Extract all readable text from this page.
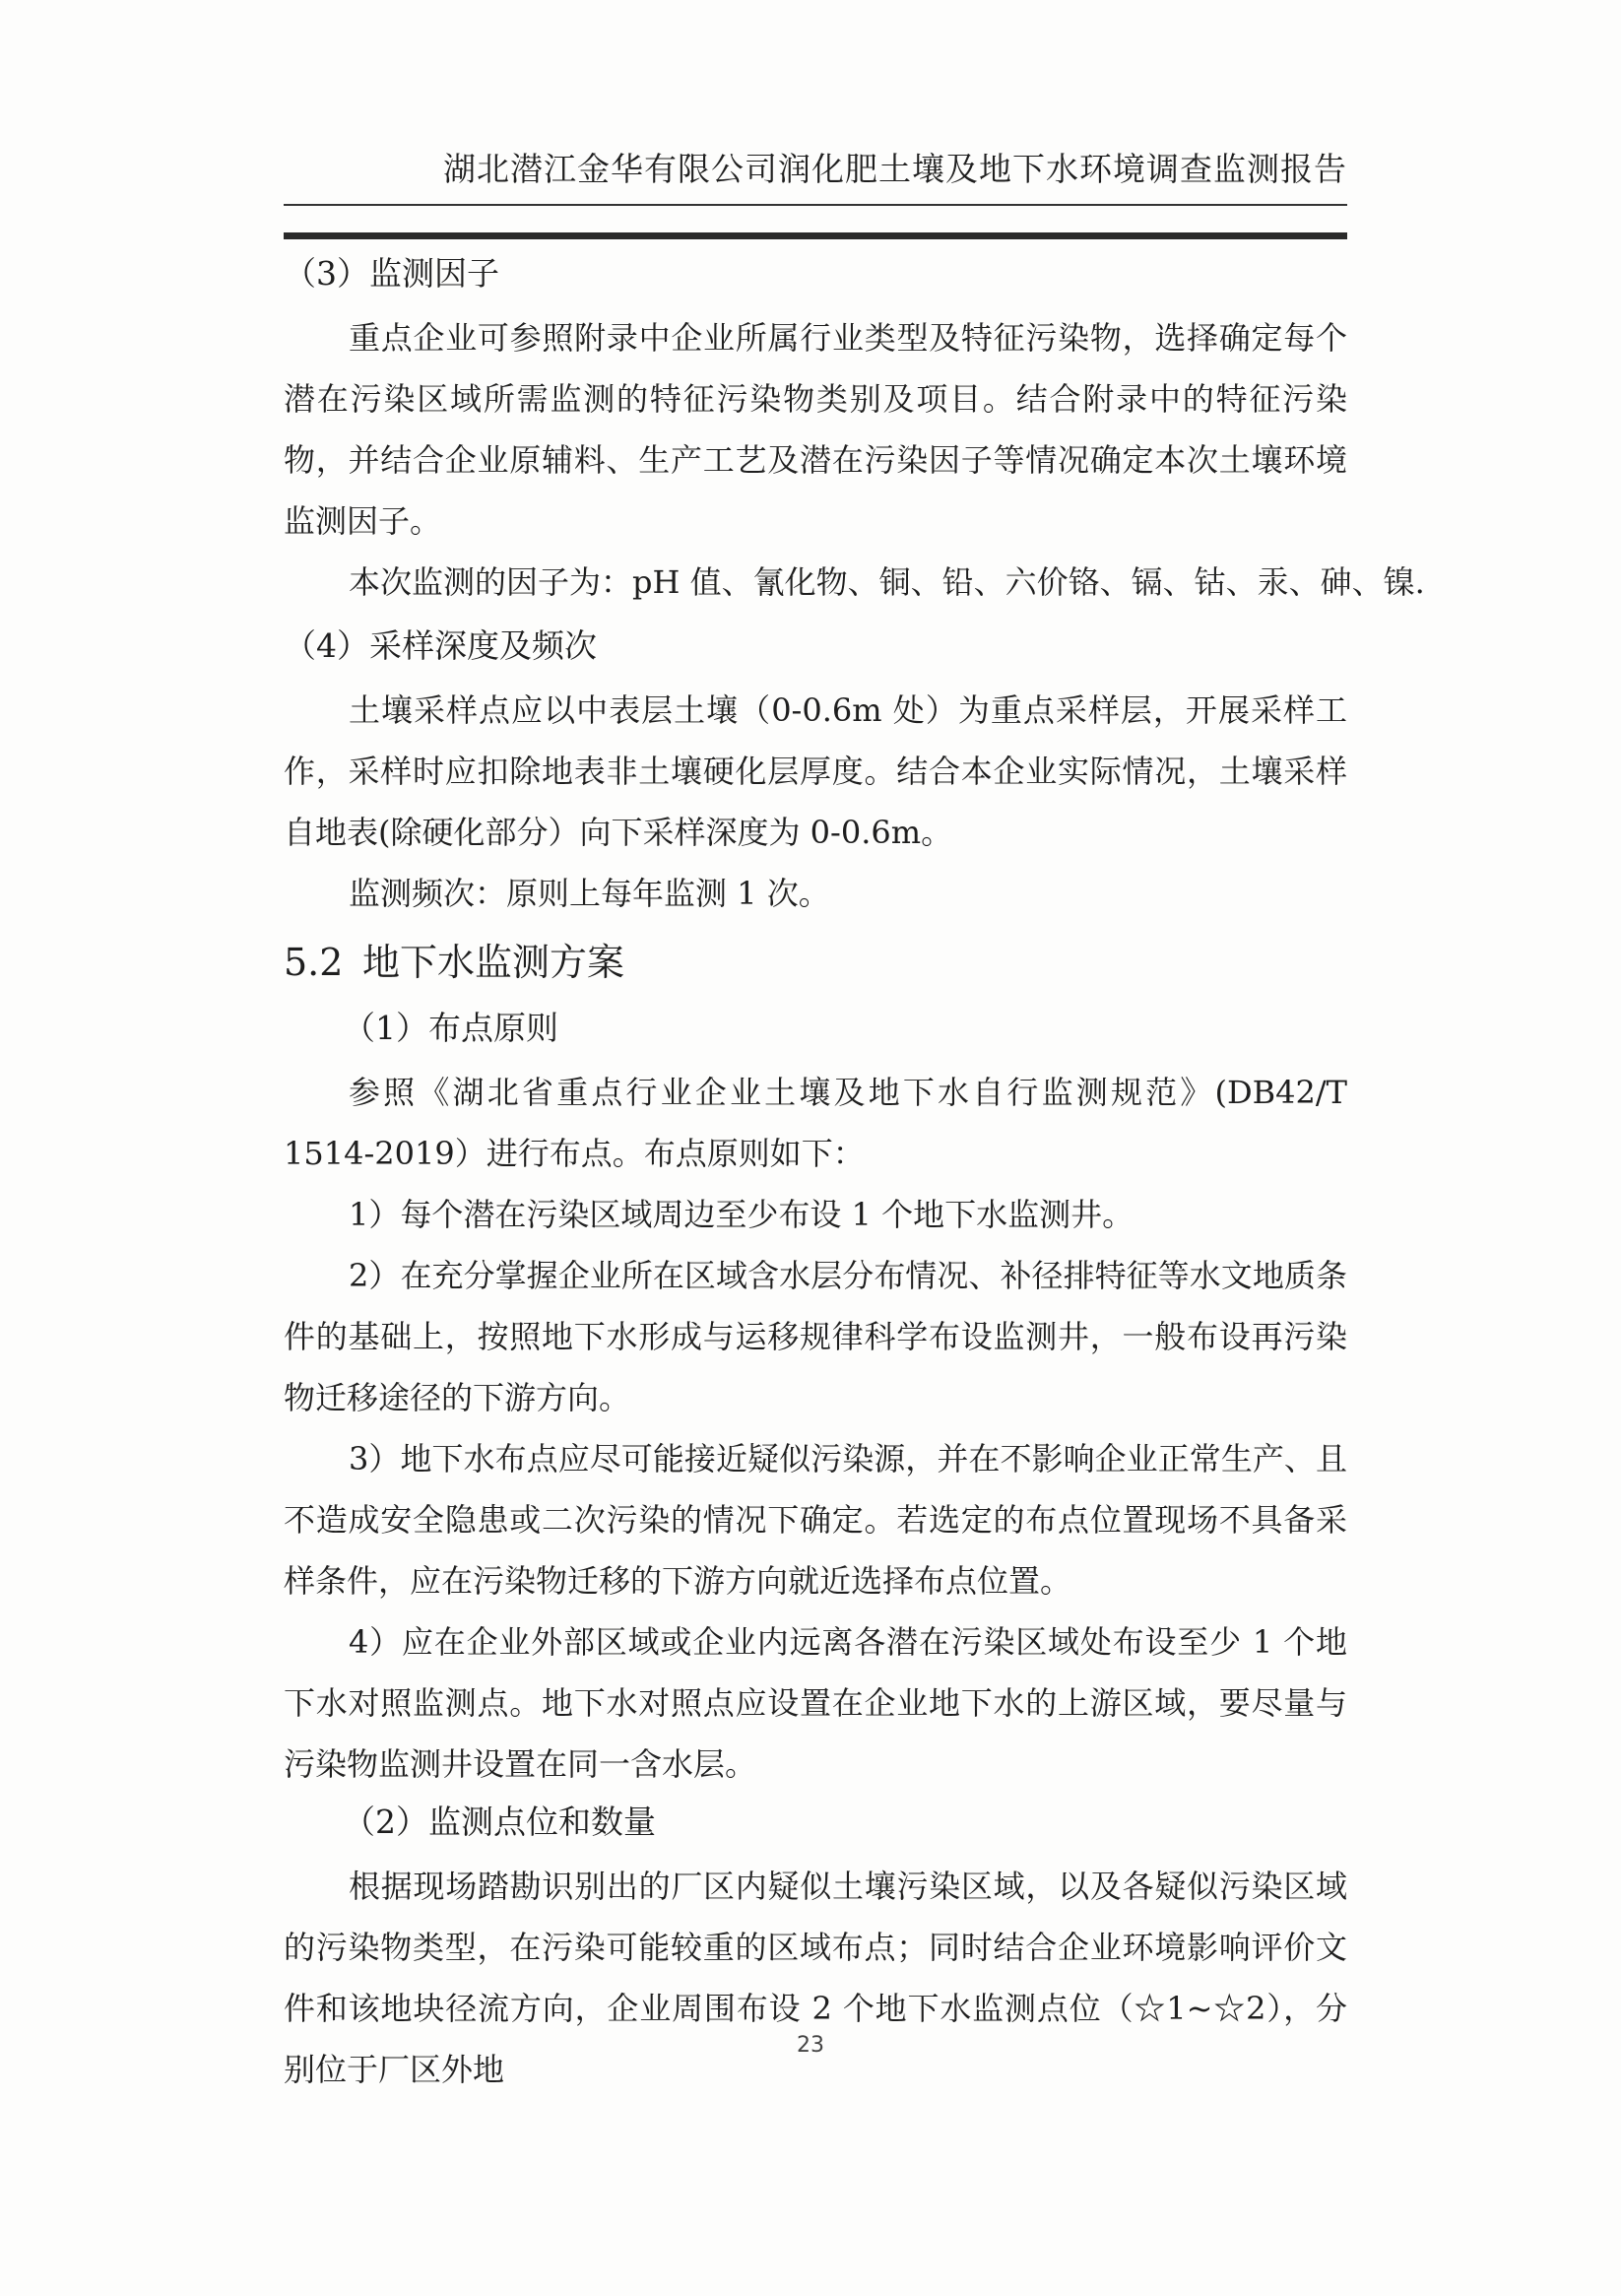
湖北潜江金华有限公司润化肥土壤及地下水环境调查监测报告
（3）监测因子

重点企业可参照附录中企业所属行业类型及特征污染物，选择确定每个潜在污染区域所需监测的特征污染物类别及项目。结合附录中的特征污染物，并结合企业原辅料、生产工艺及潜在污染因子等情况确定本次土壤环境监测因子。

本次监测的因子为：pH 值、氰化物、铜、铅、六价铬、镉、钴、汞、砷、镍.

（4）采样深度及频次

土壤采样点应以中表层土壤（0-0.6m 处）为重点采样层，开展采样工作，采样时应扣除地表非土壤硬化层厚度。结合本企业实际情况，土壤采样自地表(除硬化部分）向下采样深度为 0-0.6m。

监测频次：原则上每年监测 1 次。

5.2 地下水监测方案
（1）布点原则

参照《湖北省重点行业企业土壤及地下水自行监测规范》(DB42/T 1514-2019）进行布点。布点原则如下：

1）每个潜在污染区域周边至少布设 1 个地下水监测井。

2）在充分掌握企业所在区域含水层分布情况、补径排特征等水文地质条件的基础上，按照地下水形成与运移规律科学布设监测井，一般布设再污染物迁移途径的下游方向。

3）地下水布点应尽可能接近疑似污染源，并在不影响企业正常生产、且不造成安全隐患或二次污染的情况下确定。若选定的布点位置现场不具备采样条件，应在污染物迁移的下游方向就近选择布点位置。

4）应在企业外部区域或企业内远离各潜在污染区域处布设至少 1 个地下水对照监测点。地下水对照点应设置在企业地下水的上游区域，要尽量与污染物监测井设置在同一含水层。

（2）监测点位和数量

根据现场踏勘识别出的厂区内疑似土壤污染区域，以及各疑似污染区域的污染物类型，在污染可能较重的区域布点；同时结合企业环境影响评价文件和该地块径流方向，企业周围布设 2 个地下水监测点位（☆1~☆2），分别位于厂区外地

23
